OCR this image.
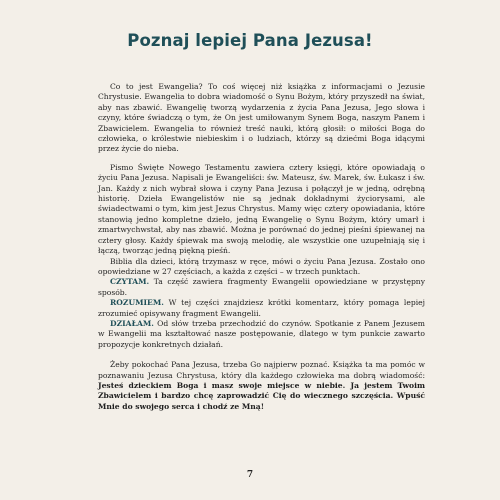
Poznaj lepiej Pana Jezusa!

Co to jest Ewangelia? To coś więcej niż książka z informacjami o Jezusie Chrystusie. Ewangelia to dobra wiadomość o Synu Bożym, który przyszedł na świat, aby nas zbawić. Ewangelię tworzą wydarzenia z życia Pana Jezusa, Jego słowa i czyny, które świadczą o tym, że On jest umiłowanym Synem Boga, naszym Panem i Zbawicielem. Ewangelia to również treść nauki, którą głosił: o miłości Boga do człowieka, o królestwie niebieskim i o ludziach, którzy są dziećmi Boga idącymi przez życie do nieba.

Pismo Święte Nowego Testamentu zawiera cztery księgi, które opowiadają o życiu Pana Jezusa. Napisali je Ewangeliści: św. Mateusz, św. Marek, św. Łukasz i św. Jan. Każdy z nich wybrał słowa i czyny Pana Jezusa i połączył je w jedną, odrębną historię. Dzieła Ewangelistów nie są jednak dokładnymi życiorysami, ale świadectwami o tym, kim jest Jezus Chrystus. Mamy więc cztery opowiadania, które stanowią jedno kompletne dzieło, jedną Ewangelię o Synu Bożym, który umarł i zmartwychwstał, aby nas zbawić. Można je porównać do jednej pieśni śpiewanej na cztery głosy. Każdy śpiewak ma swoją melodię, ale wszystkie one uzupełniają się i łączą, tworząc jedną piękną pieśń.

Biblia dla dzieci, którą trzymasz w ręce, mówi o życiu Pana Jezusa. Zostało ono opowiedziane w 27 częściach, a każda z części – w trzech punktach.

CZYTAM. Ta część zawiera fragmenty Ewangelii opowiedziane w przystępny sposób.

ROZUMIEM. W tej części znajdziesz krótki komentarz, który pomaga lepiej zrozumieć opisywany fragment Ewangelii.

DZIAŁAM. Od słów trzeba przechodzić do czynów. Spotkanie z Panem Jezusem w Ewangelii ma kształtować nasze postępowanie, dlatego w tym punkcie zawarto propozycje konkretnych działań.

Żeby pokochać Pana Jezusa, trzeba Go najpierw poznać. Książka ta ma pomóc w poznawaniu Jezusa Chrystusa, który dla każdego człowieka ma dobrą wiadomość: Jesteś dzieckiem Boga i masz swoje miejsce w niebie. Ja jestem Twoim Zbawicielem i bardzo chcę zaprowadzić Cię do wiecznego szczęścia. Wpuść Mnie do swojego serca i chodź ze Mną!

7
